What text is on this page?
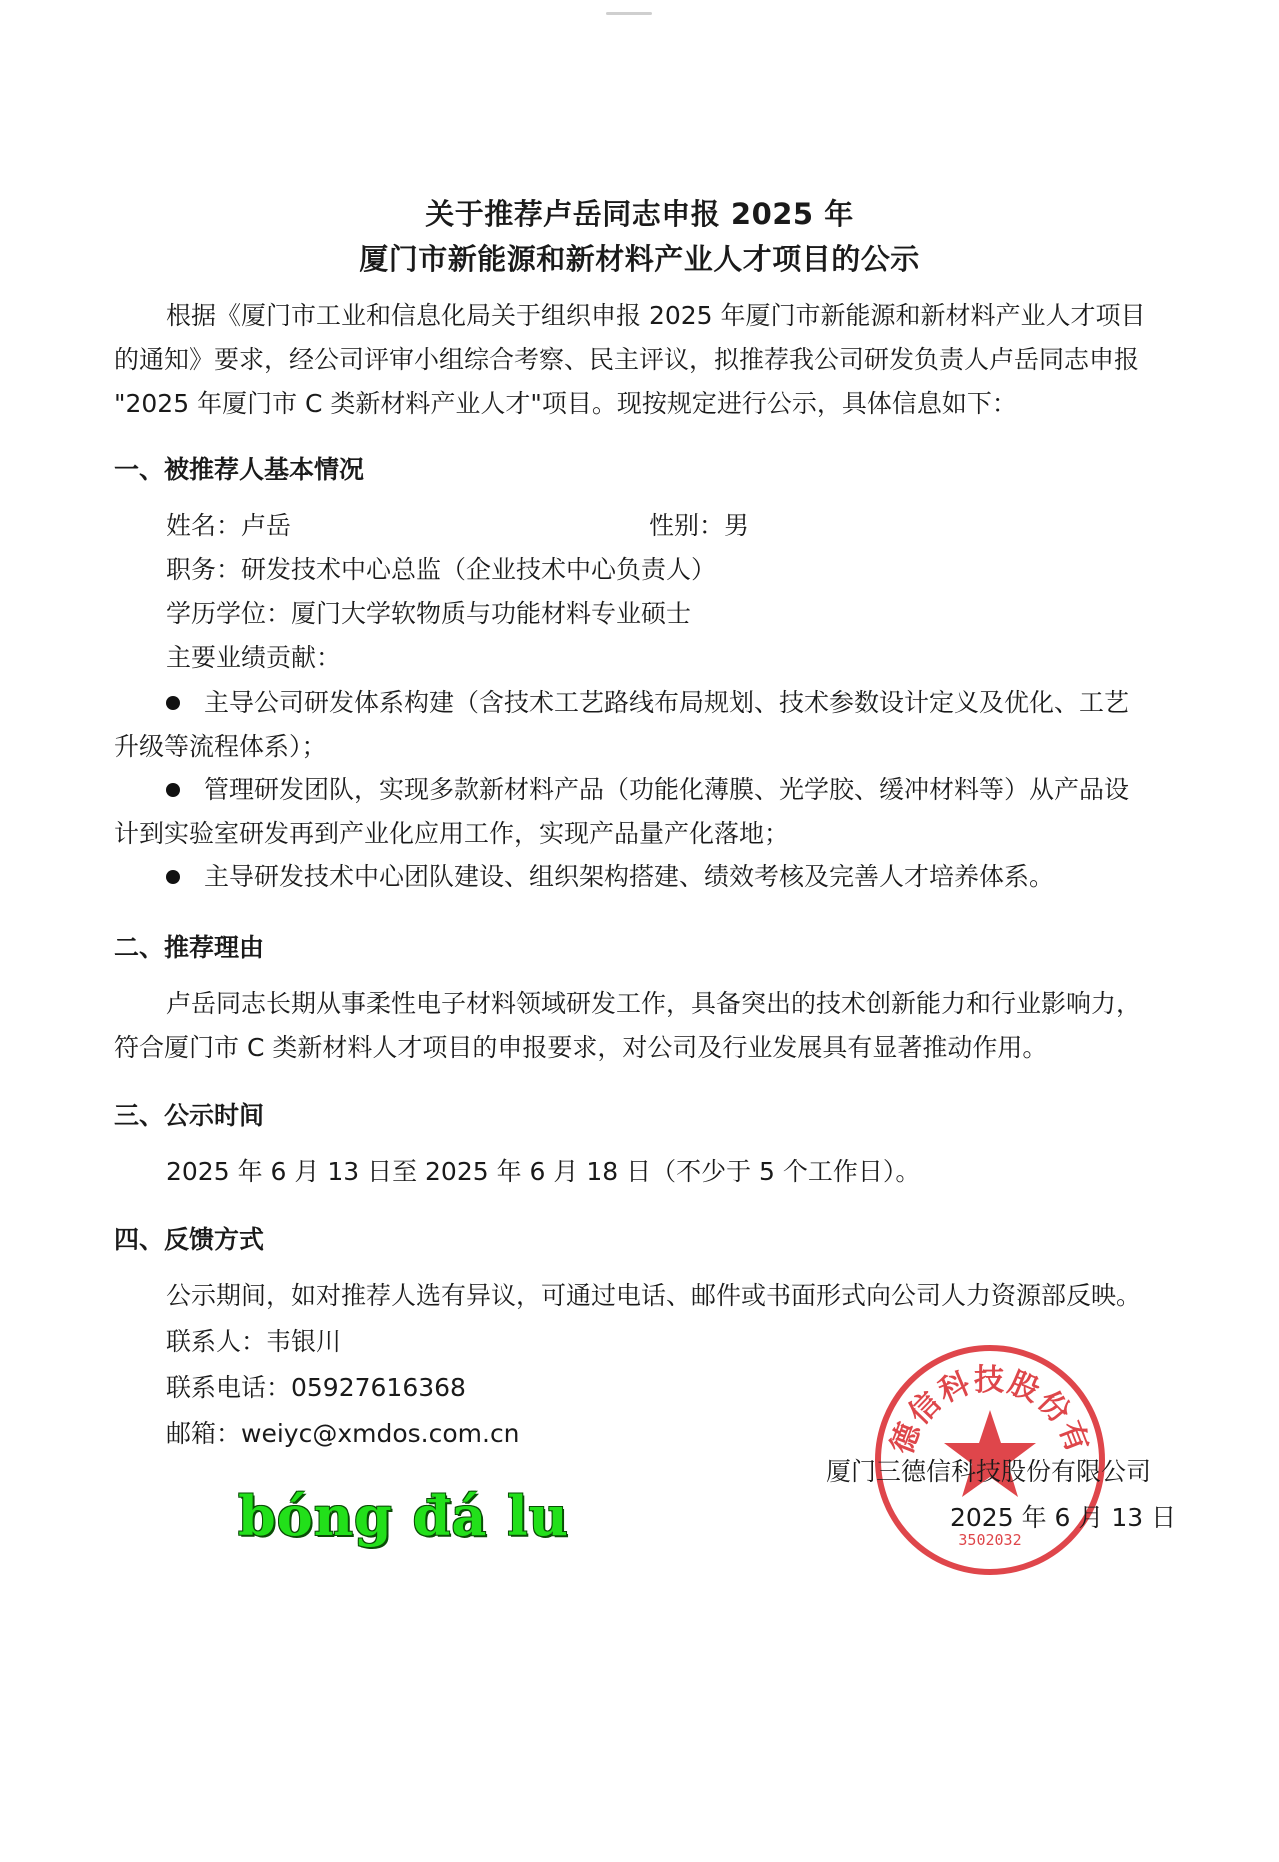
关于推荐卢岳同志申报 2025 年
厦门市新能源和新材料产业人才项目的公示
根据《厦门市工业和信息化局关于组织申报 2025 年厦门市新能源和新材料产业人才项目
的通知》要求，经公司评审小组综合考察、民主评议，拟推荐我公司研发负责人卢岳同志申报
"2025 年厦门市 C 类新材料产业人才"项目。现按规定进行公示，具体信息如下：
一、被推荐人基本情况
姓名：卢岳	性别：男
职务：研发技术中心总监（企业技术中心负责人）
学历学位：厦门大学软物质与功能材料专业硕士
主要业绩贡献：
主导公司研发体系构建（含技术工艺路线布局规划、技术参数设计定义及优化、工艺
升级等流程体系）；
管理研发团队，实现多款新材料产品（功能化薄膜、光学胶、缓冲材料等）从产品设
计到实验室研发再到产业化应用工作，实现产品量产化落地；
主导研发技术中心团队建设、组织架构搭建、绩效考核及完善人才培养体系。
二、推荐理由
卢岳同志长期从事柔性电子材料领域研发工作，具备突出的技术创新能力和行业影响力，
符合厦门市 C 类新材料人才项目的申报要求，对公司及行业发展具有显著推动作用。
三、公示时间
2025 年 6 月 13 日至 2025 年 6 月 18 日（不少于 5 个工作日）。
四、反馈方式
公示期间，如对推荐人选有异议，可通过电话、邮件或书面形式向公司人力资源部反映。
联系人：韦银川
联系电话：05927616368
邮箱：weiyc@xmdos.com.cn
厦门三德信科技股份有限公司
3502032
厦门三德信科技股份有限公司
2025 年 6 月 13 日
bóng đá lu
